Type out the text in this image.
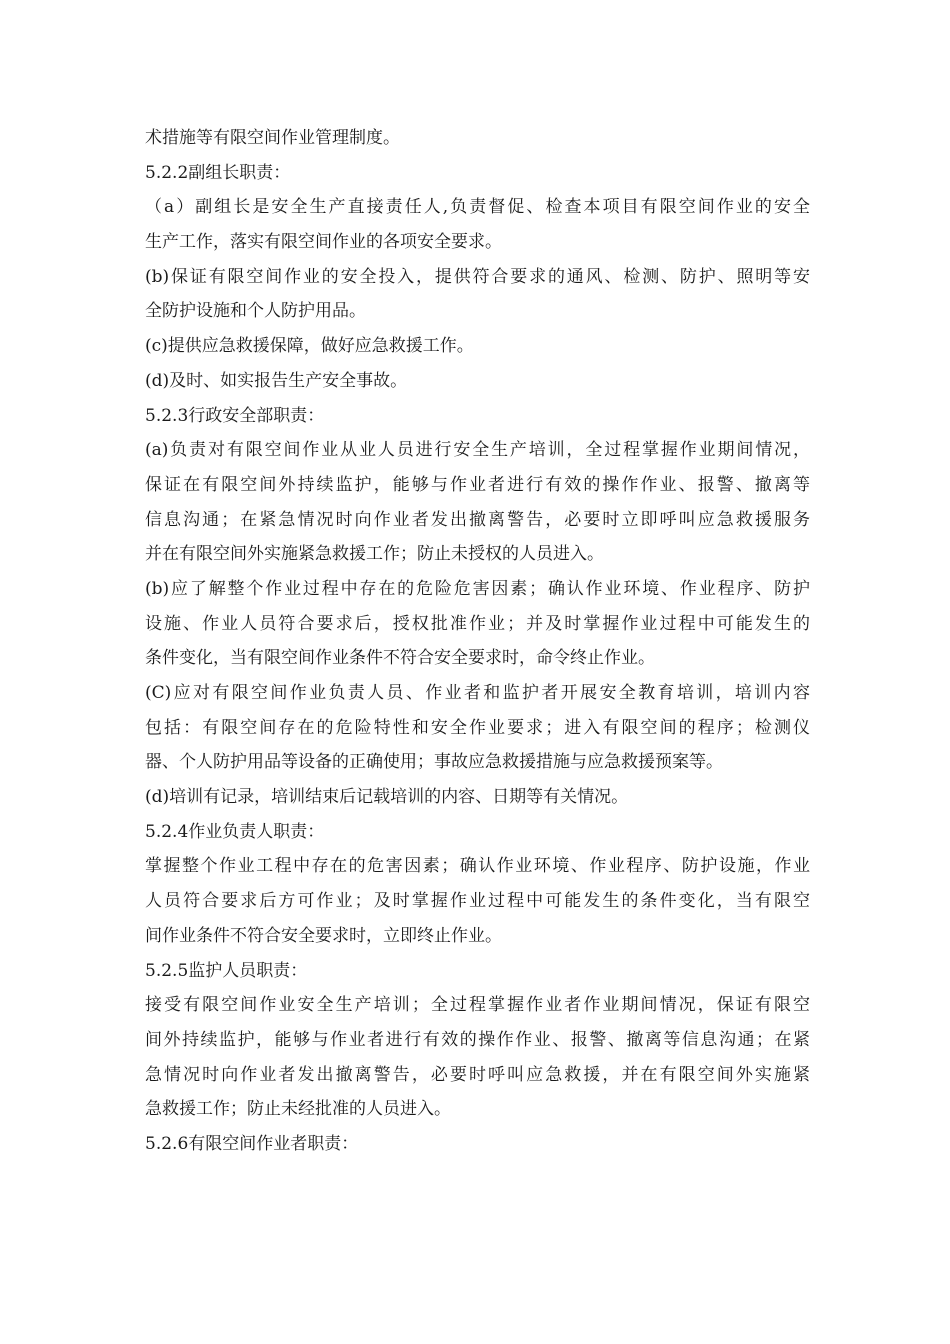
术措施等有限空间作业管理制度。
5.2.2副组长职责：
（a）副组长是安全生产直接责任人,负责督促、检查本项目有限空间作业的安全
生产工作，落实有限空间作业的各项安全要求。
(b)保证有限空间作业的安全投入，提供符合要求的通风、检测、防护、照明等安
全防护设施和个人防护用品。
(c)提供应急救援保障，做好应急救援工作。
(d)及时、如实报告生产安全事故。
5.2.3行政安全部职责：
(a)负责对有限空间作业从业人员进行安全生产培训，全过程掌握作业期间情况，
保证在有限空间外持续监护，能够与作业者进行有效的操作作业、报警、撤离等
信息沟通；在紧急情况时向作业者发出撤离警告，必要时立即呼叫应急救援服务
并在有限空间外实施紧急救援工作；防止未授权的人员进入。
(b)应了解整个作业过程中存在的危险危害因素；确认作业环境、作业程序、防护
设施、作业人员符合要求后，授权批准作业；并及时掌握作业过程中可能发生的
条件变化，当有限空间作业条件不符合安全要求时，命令终止作业。
(C)应对有限空间作业负责人员、作业者和监护者开展安全教育培训，培训内容
包括：有限空间存在的危险特性和安全作业要求；进入有限空间的程序；检测仪
器、个人防护用品等设备的正确使用；事故应急救援措施与应急救援预案等。
(d)培训有记录，培训结束后记载培训的内容、日期等有关情况。
5.2.4作业负责人职责：
掌握整个作业工程中存在的危害因素；确认作业环境、作业程序、防护设施，作业
人员符合要求后方可作业；及时掌握作业过程中可能发生的条件变化，当有限空
间作业条件不符合安全要求时，立即终止作业。
5.2.5监护人员职责：
接受有限空间作业安全生产培训；全过程掌握作业者作业期间情况，保证有限空
间外持续监护，能够与作业者进行有效的操作作业、报警、撤离等信息沟通；在紧
急情况时向作业者发出撤离警告，必要时呼叫应急救援，并在有限空间外实施紧
急救援工作；防止未经批准的人员进入。
5.2.6有限空间作业者职责：
